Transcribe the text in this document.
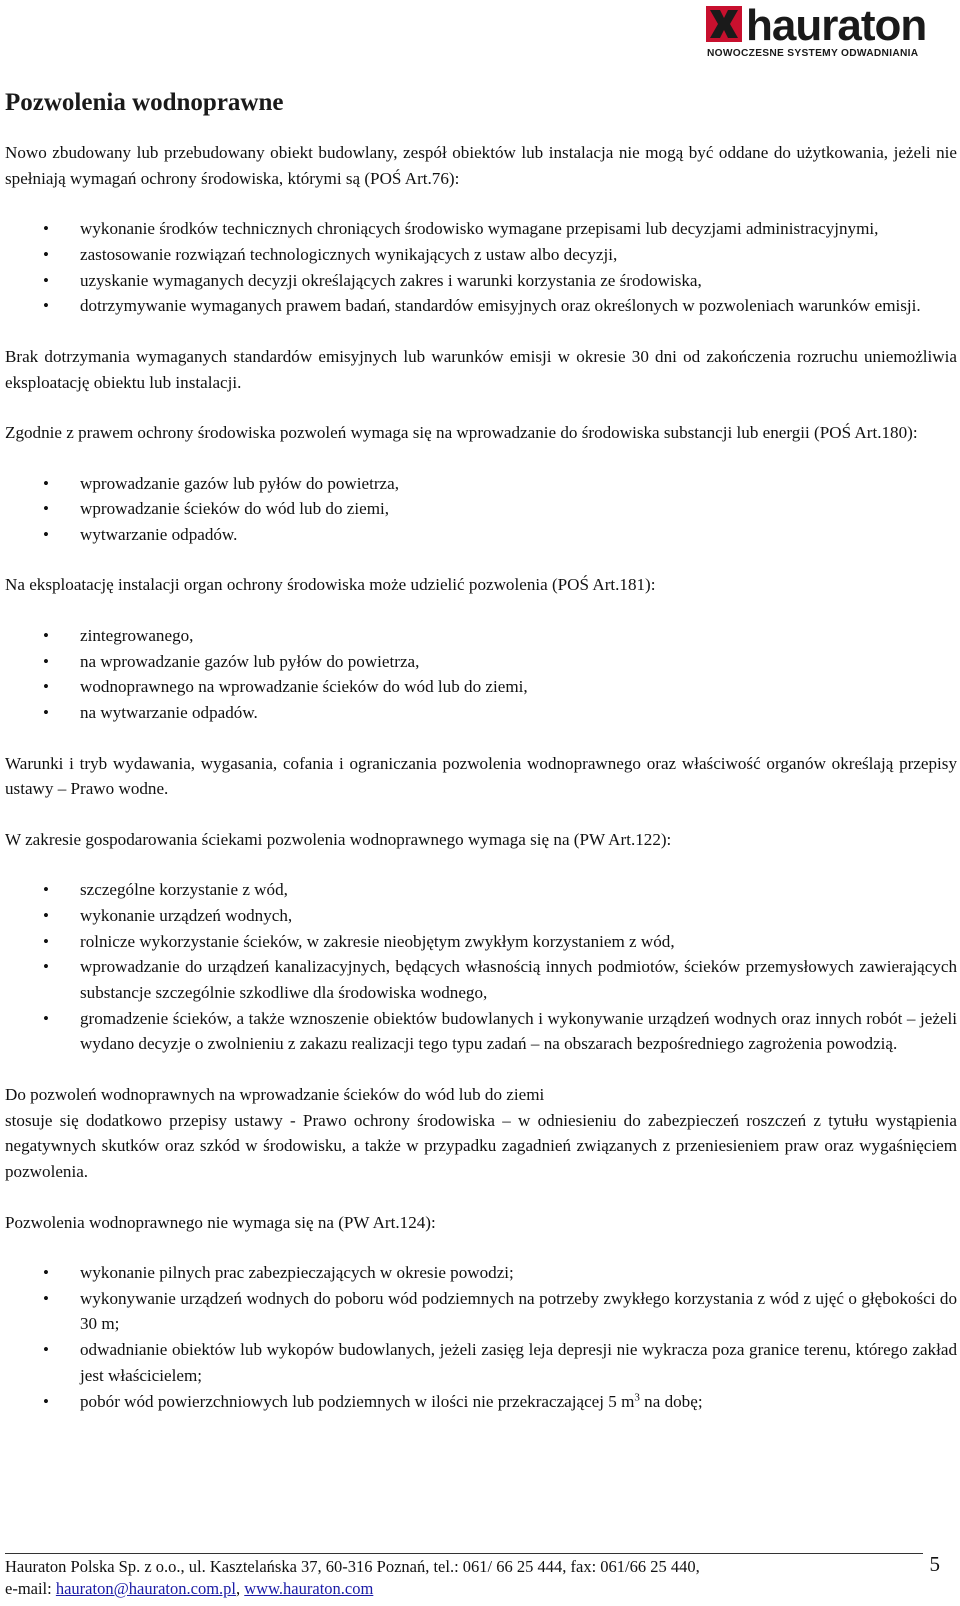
hauraton
NOWOCZESNE SYSTEMY ODWADNIANIA
Pozwolenia wodnoprawne

Nowo zbudowany lub przebudowany obiekt budowlany, zespół obiektów lub instalacja nie mogą być oddane do użytkowania, jeżeli nie spełniają wymagań ochrony środowiska, którymi są (POŚ Art.76):

• wykonanie środków technicznych chroniących środowisko wymagane przepisami lub decyzjami administracyjnymi,
• zastosowanie rozwiązań technologicznych wynikających z ustaw albo decyzji,
• uzyskanie wymaganych decyzji określających zakres i warunki korzystania ze środowiska,
• dotrzymywanie wymaganych prawem badań, standardów emisyjnych oraz określonych w pozwoleniach warunków emisji.

Brak dotrzymania wymaganych standardów emisyjnych lub warunków emisji w okresie 30 dni od zakończenia rozruchu uniemożliwia eksploatację obiektu lub instalacji.

Zgodnie z prawem ochrony środowiska pozwoleń wymaga się na wprowadzanie do środowiska substancji lub energii (POŚ Art.180):

• wprowadzanie gazów lub pyłów do powietrza,
• wprowadzanie ścieków do wód lub do ziemi,
• wytwarzanie odpadów.

Na eksploatację instalacji organ ochrony środowiska może udzielić pozwolenia (POŚ Art.181):

• zintegrowanego,
• na wprowadzanie gazów lub pyłów do powietrza,
• wodnoprawnego na wprowadzanie ścieków do wód lub do ziemi,
• na wytwarzanie odpadów.

Warunki i tryb wydawania, wygasania, cofania i ograniczania pozwolenia wodnoprawnego oraz właściwość organów określają przepisy ustawy – Prawo wodne.

W zakresie gospodarowania ściekami pozwolenia wodnoprawnego wymaga się na (PW Art.122):

• szczególne korzystanie z wód,
• wykonanie urządzeń wodnych,
• rolnicze wykorzystanie ścieków, w zakresie nieobjętym zwykłym korzystaniem z wód,
• wprowadzanie do urządzeń kanalizacyjnych, będących własnością innych podmiotów, ścieków przemysłowych zawierających substancje szczególnie szkodliwe dla środowiska wodnego,
• gromadzenie ścieków, a także wznoszenie obiektów budowlanych i wykonywanie urządzeń wodnych oraz innych robót – jeżeli wydano decyzje o zwolnieniu z zakazu realizacji tego typu zadań – na obszarach bezpośredniego zagrożenia powodzią.

Do pozwoleń wodnoprawnych na wprowadzanie ścieków do wód lub do ziemi
stosuje się dodatkowo przepisy ustawy - Prawo ochrony środowiska – w odniesieniu do zabezpieczeń roszczeń z tytułu wystąpienia negatywnych skutków oraz szkód w środowisku, a także w przypadku zagadnień związanych z przeniesieniem praw oraz wygaśnięciem pozwolenia.

Pozwolenia wodnoprawnego nie wymaga się na (PW Art.124):

• wykonanie pilnych prac zabezpieczających w okresie powodzi;
• wykonywanie urządzeń wodnych do poboru wód podziemnych na potrzeby zwykłego korzystania z wód z ujęć o głębokości do 30 m;
• odwadnianie obiektów lub wykopów budowlanych, jeżeli zasięg leja depresji nie wykracza poza granice terenu, którego zakład jest właścicielem;
• pobór wód powierzchniowych lub podziemnych w ilości nie przekraczającej 5 $m^3$ na dobę;
5
Hauraton Polska Sp. z o.o., ul. Kasztelańska 37, 60-316 Poznań, tel.: 061/ 66 25 444, fax: 061/66 25 440,
e-mail: hauraton@hauraton.com.pl, www.hauraton.com
